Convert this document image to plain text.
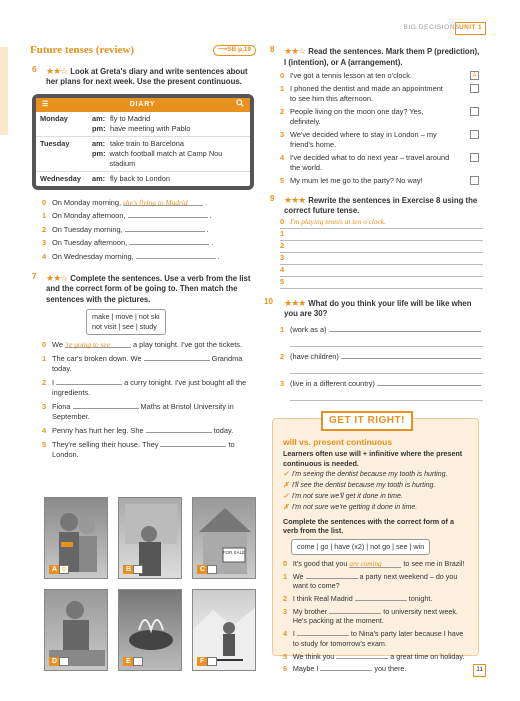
BIG DECISIONS UNIT 1
Future tenses (review)	⟶SB p.19
6 ★★☆ Look at Greta's diary and write sentences about her plans for next week. Use the present continuous.
☰	DIARY
Monday	am: fly to Madrid
pm: have meeting with Pablo
Tuesday	am: take train to Barcelona
pm: watch football match at Camp Nou stadium
Wednesday	am: fly back to London
0 On Monday morning, she's flying to Madrid .
1 On Monday afternoon,	.
2 On Tuesday morning,	.
3 On Tuesday afternoon,	.
4 On Wednesday morning,	.
7 ★★☆ Complete the sentences. Use a verb from the list and the correct form of be going to. Then match the sentences with the pictures.
make | move | not ski
not visit | see | study
0 We 're going to see	a play tonight. I've got the tickets.
1 The car's broken down. We	Grandma today.
2 I	a curry tonight. I've just bought all the ingredients.
3 Fiona	Maths at Bristol University in September.
4 Penny has hurt her leg. She	today.
5 They're selling their house. They	to London.
A 0	B
FOR SALE
C
D	E	F
8 ★★☆ Read the sentences. Mark them P (prediction), I (intention), or A (arrangement).
0 I've got a tennis lesson at ten o'clock.	A
1 I phoned the dentist and made an appointment to see him this afternoon.
2 People living on the moon one day? Yes, definitely.
3 We've decided where to stay in London – my friend's home.
4 I've decided what to do next year – travel around the world.
5 My mum let me go to the party? No way!
9 ★★★ Rewrite the sentences in Exercise 8 using the correct future tense.
0 I'm playing tennis at ten o'clock.
1
2
3
4
5
10 ★★★ What do you think your life will be like when you are 30?
1 (work as a)
2 (have children)
3 (live in a different country)
GET IT RIGHT!
will vs. present continuous
Learners often use will + infinitive where the present continuous is needed.
✓ I'm seeing the dentist because my tooth is hurting.
✗ I'll see the dentist because my tooth is hurting.
✓ I'm not sure we'll get it done in time.
✗ I'm not sure we're getting it done in time.
Complete the sentences with the correct form of a verb from the list.
come | go | have (x2) | not go | see | win
0 It's good that you are coming	to see me in Brazil!
1 We	a party next weekend – do you want to come?
2 I think Real Madrid	tonight.
3 My brother	to university next week. He's packing at the moment.
4 I	to Nina's party later because I have to study for tomorrow's exam.
5 We think you	a great time on holiday.
6 Maybe I	you there.	11
